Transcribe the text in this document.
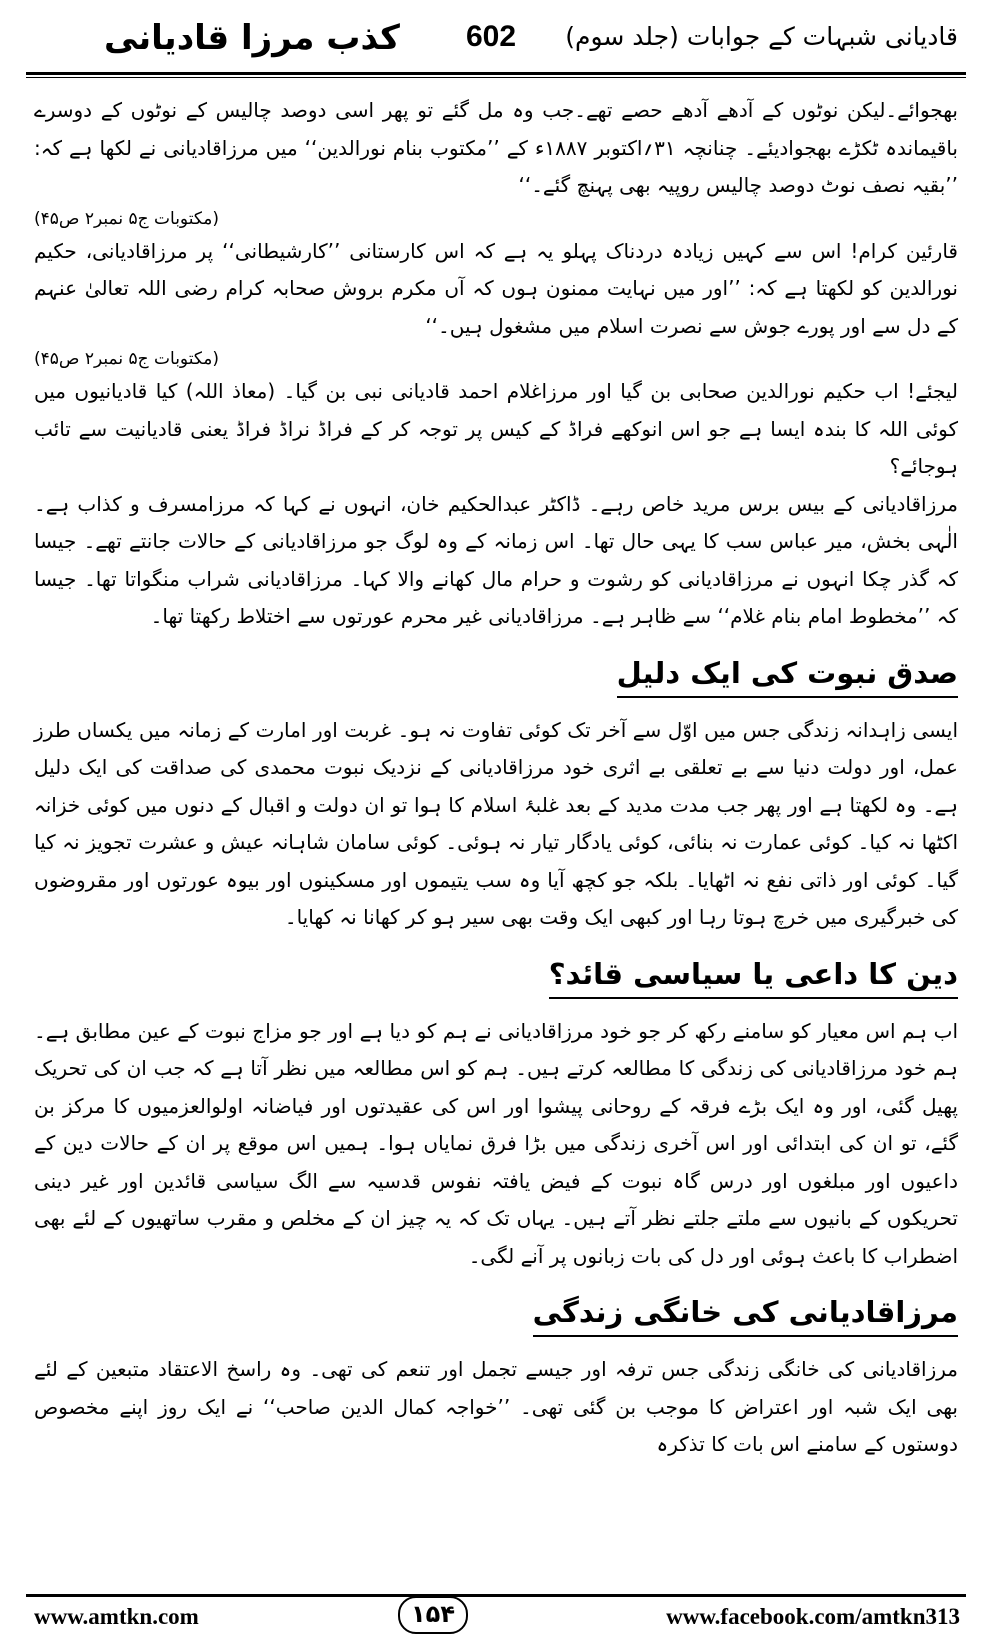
کذب مرزا قادیانی 602 قادیانی شبہات کے جوابات (جلد سوم)

بھجوائے۔لیکن نوٹوں کے آدھے آدھے حصے تھے۔جب وہ مل گئے تو پھر اسی دوصد چالیس کے نوٹوں کے دوسرے باقیماندہ ٹکڑے بھجوادیئے۔ چنانچہ ۳۱؍اکتوبر ۱۸۸۷ء کے ’’مکتوب بنام نورالدین‘‘ میں مرزاقادیانی نے لکھا ہے کہ: ’’بقیہ نصف نوٹ دوصد چالیس روپیہ بھی پہنچ گئے۔‘‘

(مکتوبات ج۵ نمبر۲ ص۴۵)

قارئین کرام! اس سے کہیں زیادہ دردناک پہلو یہ ہے کہ اس کارستانی ’’کارشیطانی‘‘ پر مرزاقادیانی، حکیم نورالدین کو لکھتا ہے کہ: ’’اور میں نہایت ممنون ہوں کہ آں مکرم بروش صحابہ کرام رضی اللہ تعالیٰ عنہم کے دل سے اور پورے جوش سے نصرت اسلام میں مشغول ہیں۔‘‘

(مکتوبات ج۵ نمبر۲ ص۴۵)

لیجئے! اب حکیم نورالدین صحابی بن گیا اور مرزاغلام احمد قادیانی نبی بن گیا۔ (معاذ اللہ) کیا قادیانیوں میں کوئی اللہ کا بندہ ایسا ہے جو اس انوکھے فراڈ کے کیس پر توجہ کر کے فراڈ نراڈ فراڈ یعنی قادیانیت سے تائب ہوجائے؟

مرزاقادیانی کے بیس برس مرید خاص رہے۔ ڈاکٹر عبدالحکیم خان، انہوں نے کہا کہ مرزامسرف و کذاب ہے۔ الٰہی بخش، میر عباس سب کا یہی حال تھا۔ اس زمانہ کے وہ لوگ جو مرزاقادیانی کے حالات جانتے تھے۔ جیسا کہ گذر چکا انہوں نے مرزاقادیانی کو رشوت و حرام مال کھانے والا کہا۔ مرزاقادیانی شراب منگواتا تھا۔ جیسا کہ ’’مخطوط امام بنام غلام‘‘ سے ظاہر ہے۔ مرزاقادیانی غیر محرم عورتوں سے اختلاط رکھتا تھا۔

صدق نبوت کی ایک دلیل

ایسی زاہدانہ زندگی جس میں اوّل سے آخر تک کوئی تفاوت نہ ہو۔ غربت اور امارت کے زمانہ میں یکساں طرز عمل، اور دولت دنیا سے بے تعلقی بے اثری خود مرزاقادیانی کے نزدیک نبوت محمدی کی صداقت کی ایک دلیل ہے۔ وہ لکھتا ہے اور پھر جب مدت مدید کے بعد غلبۂ اسلام کا ہوا تو ان دولت و اقبال کے دنوں میں کوئی خزانہ اکٹھا نہ کیا۔ کوئی عمارت نہ بنائی، کوئی یادگار تیار نہ ہوئی۔ کوئی سامان شاہانہ عیش و عشرت تجویز نہ کیا گیا۔ کوئی اور ذاتی نفع نہ اٹھایا۔ بلکہ جو کچھ آیا وہ سب یتیموں اور مسکینوں اور بیوہ عورتوں اور مقروضوں کی خبرگیری میں خرچ ہوتا رہا اور کبھی ایک وقت بھی سیر ہو کر کھانا نہ کھایا۔

دین کا داعی یا سیاسی قائد؟

اب ہم اس معیار کو سامنے رکھ کر جو خود مرزاقادیانی نے ہم کو دیا ہے اور جو مزاج نبوت کے عین مطابق ہے۔ ہم خود مرزاقادیانی کی زندگی کا مطالعہ کرتے ہیں۔ ہم کو اس مطالعہ میں نظر آتا ہے کہ جب ان کی تحریک پھیل گئی، اور وہ ایک بڑے فرقہ کے روحانی پیشوا اور اس کی عقیدتوں اور فیاضانہ اولوالعزمیوں کا مرکز بن گئے، تو ان کی ابتدائی اور اس آخری زندگی میں بڑا فرق نمایاں ہوا۔ ہمیں اس موقع پر ان کے حالات دین کے داعیوں اور مبلغوں اور درس گاہ نبوت کے فیض یافتہ نفوس قدسیہ سے الگ سیاسی قائدین اور غیر دینی تحریکوں کے بانیوں سے ملتے جلتے نظر آتے ہیں۔ یہاں تک کہ یہ چیز ان کے مخلص و مقرب ساتھیوں کے لئے بھی اضطراب کا باعث ہوئی اور دل کی بات زبانوں پر آنے لگی۔

مرزاقادیانی کی خانگی زندگی

مرزاقادیانی کی خانگی زندگی جس ترفہ اور جیسے تجمل اور تنعم کی تھی۔ وہ راسخ الاعتقاد متبعین کے لئے بھی ایک شبہ اور اعتراض کا موجب بن گئی تھی۔ ’’خواجہ کمال الدین صاحب‘‘ نے ایک روز اپنے مخصوص دوستوں کے سامنے اس بات کا تذکرہ

www.amtkn.com	۱۵۴	www.facebook.com/amtkn313
